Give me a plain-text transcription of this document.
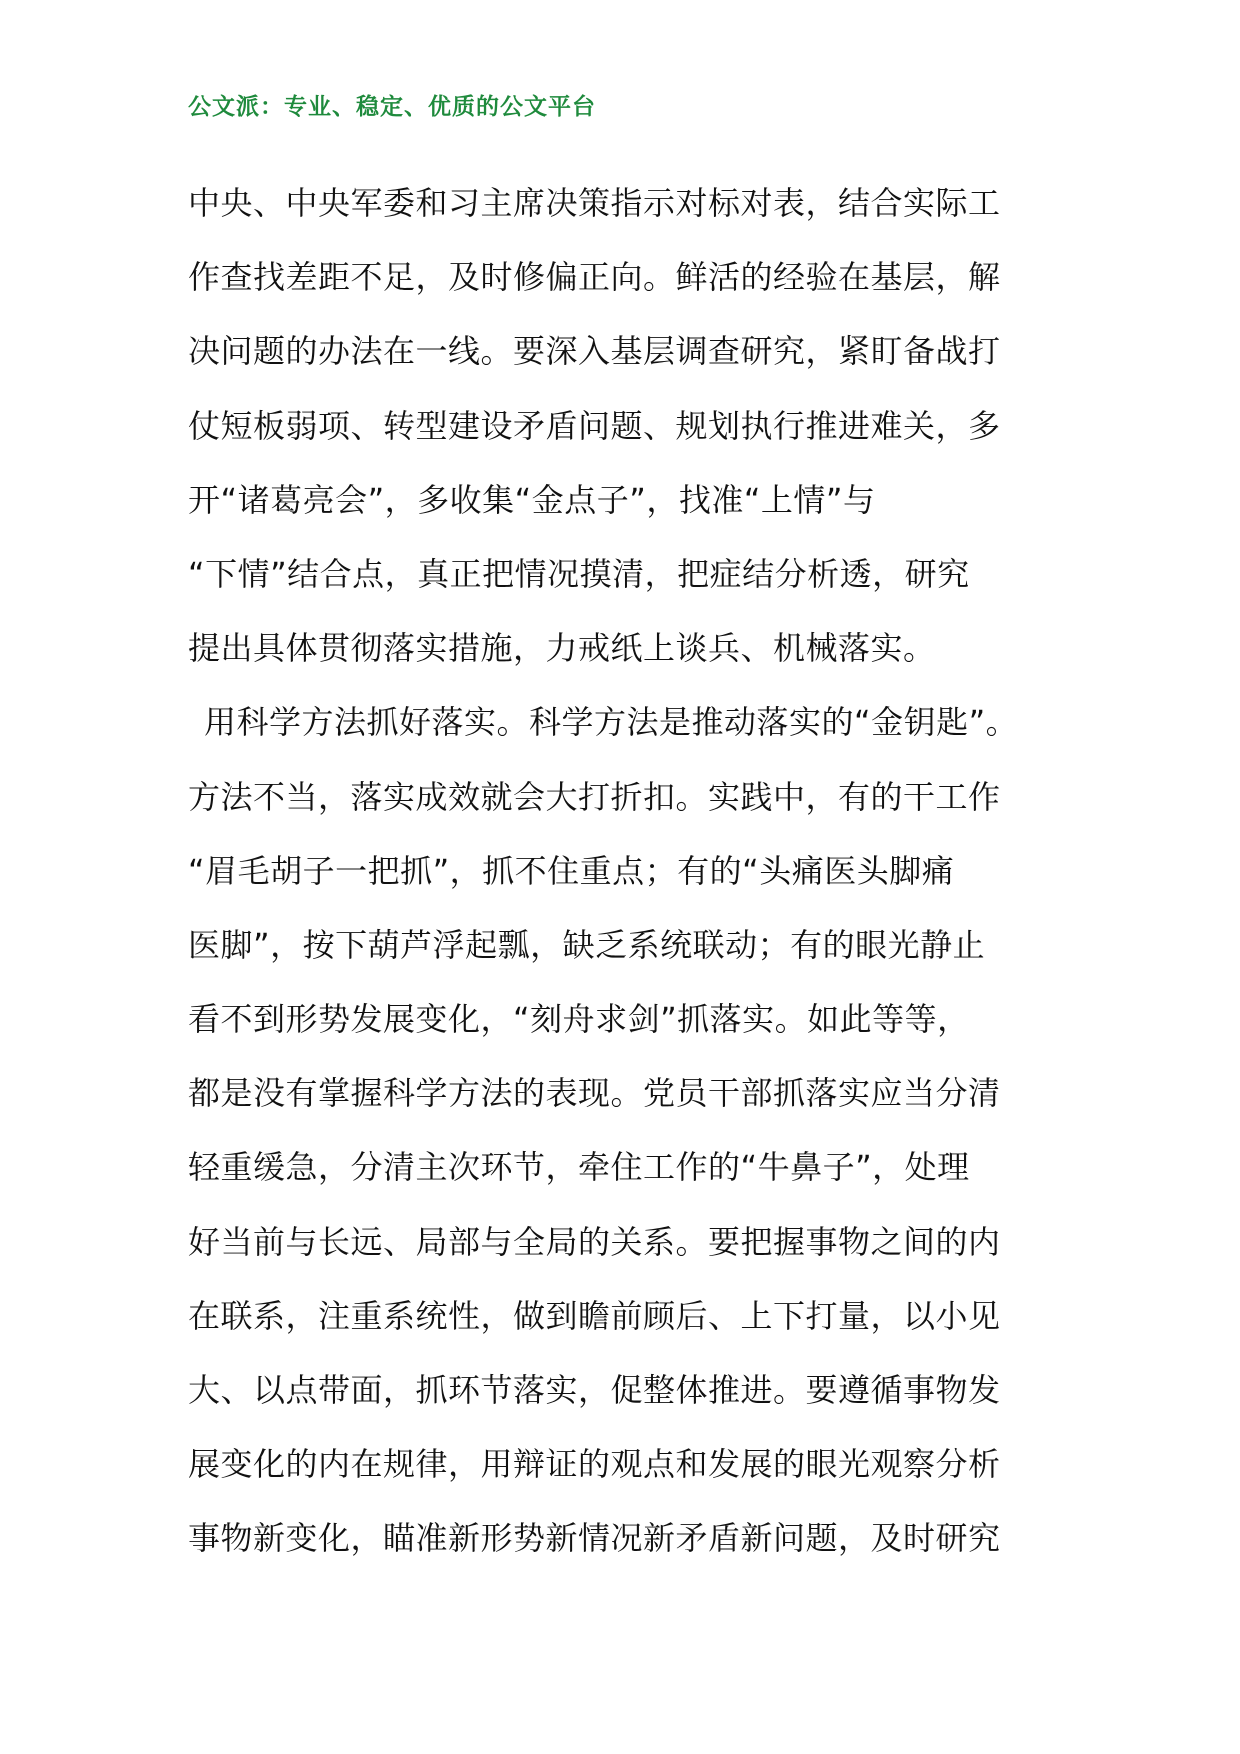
公文派：专业、稳定、优质的公文平台
中央、中央军委和习主席决策指示对标对表，结合实际工
作查找差距不足，及时修偏正向。鲜活的经验在基层，解
决问题的办法在一线。要深入基层调查研究，紧盯备战打
仗短板弱项、转型建设矛盾问题、规划执行推进难关，多
开“诸葛亮会”，多收集“金点子”，找准“上情”与
“下情”结合点，真正把情况摸清，把症结分析透，研究
提出具体贯彻落实措施，力戒纸上谈兵、机械落实。
用科学方法抓好落实。科学方法是推动落实的“金钥匙”。
方法不当，落实成效就会大打折扣。实践中，有的干工作
“眉毛胡子一把抓”，抓不住重点；有的“头痛医头脚痛
医脚”，按下葫芦浮起瓢，缺乏系统联动；有的眼光静止
看不到形势发展变化，“刻舟求剑”抓落实。如此等等，
都是没有掌握科学方法的表现。党员干部抓落实应当分清
轻重缓急，分清主次环节，牵住工作的“牛鼻子”，处理
好当前与长远、局部与全局的关系。要把握事物之间的内
在联系，注重系统性，做到瞻前顾后、上下打量，以小见
大、以点带面，抓环节落实，促整体推进。要遵循事物发
展变化的内在规律，用辩证的观点和发展的眼光观察分析
事物新变化，瞄准新形势新情况新矛盾新问题，及时研究
